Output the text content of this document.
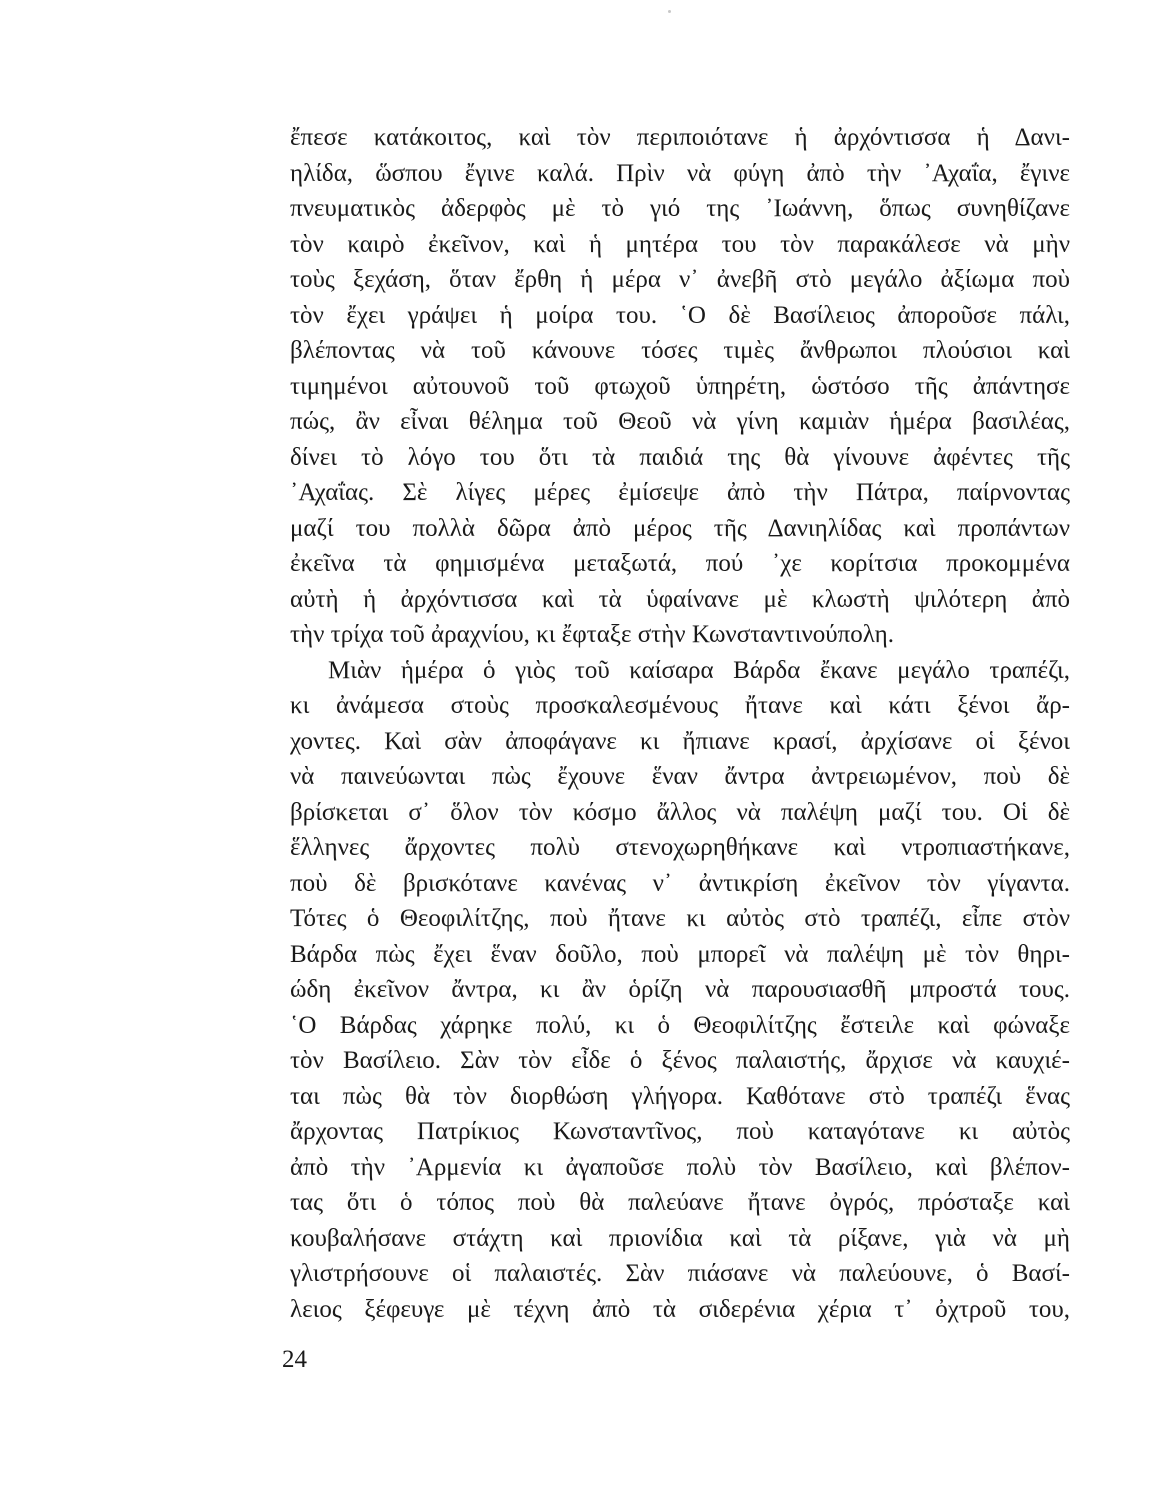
ἔπεσε κατάκοιτος, καὶ τὸν περιποιότανε ἡ ἀρχόντισσα ἡ Δανι-
ηλίδα, ὥσπου ἔγινε καλά. Πρὶν νὰ φύγη ἀπὸ τὴν ᾿Αχαΐα, ἔγινε
πνευματικὸς ἀδερφὸς μὲ τὸ γιό της ᾿Ιωάννη, ὅπως συνηθίζανε
τὸν καιρὸ ἐκεῖνον, καὶ ἡ μητέρα του τὸν παρακάλεσε νὰ μὴν
τοὺς ξεχάση, ὅταν ἔρθη ἡ μέρα ν᾿ ἀνεβῆ στὸ μεγάλο ἀξίωμα ποὺ
τὸν ἔχει γράψει ἡ μοίρα του. ῾Ο δὲ Βασίλειος ἀποροῦσε πάλι,
βλέποντας νὰ τοῦ κάνουνε τόσες τιμὲς ἄνθρωποι πλούσιοι καὶ
τιμημένοι αὐτουνοῦ τοῦ φτωχοῦ ὑπηρέτη, ὡστόσο τῆς ἀπάντησε
πώς, ἂν εἶναι θέλημα τοῦ Θεοῦ νὰ γίνη καμιὰν ἡμέρα βασιλέας,
δίνει τὸ λόγο του ὅτι τὰ παιδιά της θὰ γίνουνε ἀφέντες τῆς
᾿Αχαΐας. Σὲ λίγες μέρες ἐμίσεψε ἀπὸ τὴν Πάτρα, παίρνοντας
μαζί του πολλὰ δῶρα ἀπὸ μέρος τῆς Δανιηλίδας καὶ προπάντων
ἐκεῖνα τὰ φημισμένα μεταξωτά, πού ᾿χε κορίτσια προκομμένα
αὐτὴ ἡ ἀρχόντισσα καὶ τὰ ὑφαίνανε μὲ κλωστὴ ψιλότερη ἀπὸ
τὴν τρίχα τοῦ ἀραχνίου, κι ἔφταξε στὴν Κωνσταντινούπολη.
Μιὰν ἡμέρα ὁ γιὸς τοῦ καίσαρα Βάρδα ἔκανε μεγάλο τραπέζι,
κι ἀνάμεσα στοὺς προσκαλεσμένους ἤτανε καὶ κάτι ξένοι ἄρ-
χοντες. Καὶ σὰν ἀποφάγανε κι ἤπιανε κρασί, ἀρχίσανε οἱ ξένοι
νὰ παινεύωνται πὼς ἔχουνε ἕναν ἄντρα ἀντρειωμένον, ποὺ δὲ
βρίσκεται σ᾿ ὅλον τὸν κόσμο ἄλλος νὰ παλέψη μαζί του. Οἱ δὲ
ἕλληνες ἄρχοντες πολὺ στενοχωρηθήκανε καὶ ντροπιαστήκανε,
ποὺ δὲ βρισκότανε κανένας ν᾿ ἀντικρίση ἐκεῖνον τὸν γίγαντα.
Τότες ὁ Θεοφιλίτζης, ποὺ ἤτανε κι αὐτὸς στὸ τραπέζι, εἶπε στὸν
Βάρδα πὼς ἔχει ἕναν δοῦλο, ποὺ μπορεῖ νὰ παλέψη μὲ τὸν θηρι-
ώδη ἐκεῖνον ἄντρα, κι ἂν ὁρίζη νὰ παρουσιασθῆ μπροστά τους.
῾Ο Βάρδας χάρηκε πολύ, κι ὁ Θεοφιλίτζης ἔστειλε καὶ φώναξε
τὸν Βασίλειο. Σὰν τὸν εἶδε ὁ ξένος παλαιστής, ἄρχισε νὰ καυχιέ-
ται πὼς θὰ τὸν διορθώση γλήγορα. Καθότανε στὸ τραπέζι ἕνας
ἄρχοντας Πατρίκιος Κωνσταντῖνος, ποὺ καταγότανε κι αὐτὸς
ἀπὸ τὴν ᾿Αρμενία κι ἀγαποῦσε πολὺ τὸν Βασίλειο, καὶ βλέπον-
τας ὅτι ὁ τόπος ποὺ θὰ παλεύανε ἤτανε ὀγρός, πρόσταξε καὶ
κουβαλήσανε στάχτη καὶ πριονίδια καὶ τὰ ρίξανε, γιὰ νὰ μὴ
γλιστρήσουνε οἱ παλαιστές. Σὰν πιάσανε νὰ παλεύουνε, ὁ Βασί-
λειος ξέφευγε μὲ τέχνη ἀπὸ τὰ σιδερένια χέρια τ᾿ ὀχτροῦ του,
24
